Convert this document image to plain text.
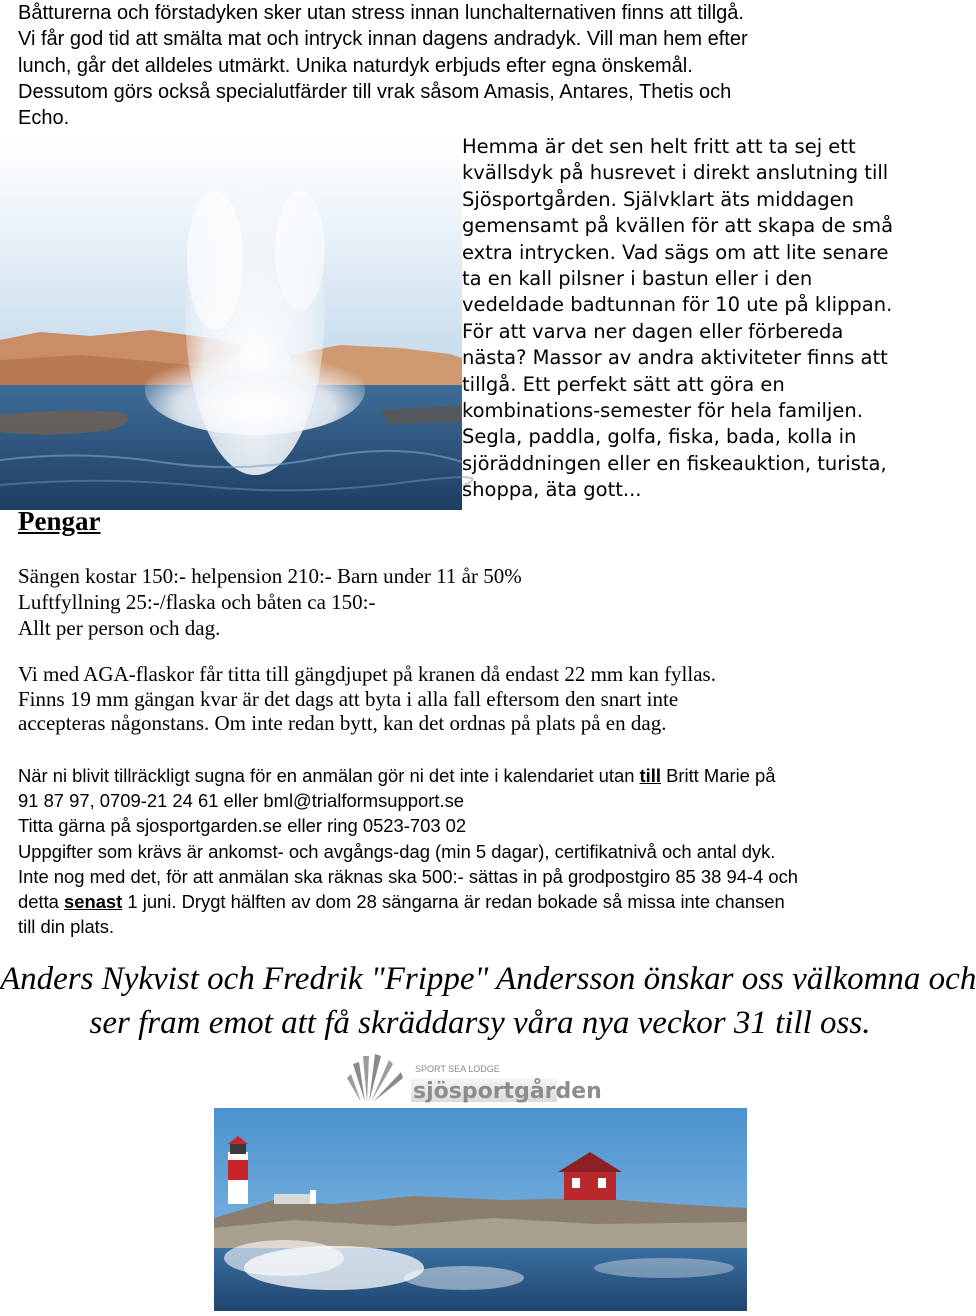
Båtturerna och förstadyken sker utan stress innan lunchalternativen finns att tillgå.
Vi får god tid att smälta mat och intryck innan dagens andradyk. Vill man hem efter
lunch, går det alldeles utmärkt. Unika naturdyk erbjuds efter egna önskemål.
Dessutom görs också specialutfärder till vrak såsom Amasis, Antares, Thetis och
Echo.
Hemma är det sen helt fritt att ta sej ett
kvällsdyk på husrevet i direkt anslutning till
Sjösportgården. Självklart äts middagen
gemensamt på kvällen för att skapa de små
extra intrycken. Vad sägs om att lite senare
ta en kall pilsner i bastun eller i den
vedeldade badtunnan för 10 ute på klippan.
För att varva ner dagen eller förbereda
nästa? Massor av andra aktiviteter finns att
tillgå. Ett perfekt sätt att göra en
kombinations-semester för hela familjen.
Segla, paddla, golfa, fiska, bada, kolla in
sjöräddningen eller en fiskeauktion, turista,
shoppa, äta gott...
Pengar
Sängen kostar 150:- helpension 210:- Barn under 11 år 50%
Luftfyllning 25:-/flaska och båten ca 150:-
Allt per person och dag.
Vi med AGA-flaskor får titta till gängdjupet på kranen då endast 22 mm kan fyllas.
Finns 19 mm gängan kvar är det dags att byta i alla fall eftersom den snart inte
accepteras någonstans. Om inte redan bytt, kan det ordnas på plats på en dag.
När ni blivit tillräckligt sugna för en anmälan gör ni det inte i kalendariet utan till Britt Marie på
91 87 97, 0709-21 24 61 eller bml@trialformsupport.se
Titta gärna på sjosportgarden.se eller ring 0523-703 02
Uppgifter som krävs är ankomst- och avgångs-dag (min 5 dagar), certifikatnivå och antal dyk.
Inte nog med det, för att anmälan ska räknas ska 500:- sättas in på grodpostgiro 85 38 94-4 och
detta senast 1 juni. Drygt hälften av dom 28 sängarna är redan bokade så missa inte chansen
till din plats.
Anders Nykvist och Fredrik "Frippe" Andersson önskar oss välkomna och
ser fram emot att få skräddarsy våra nya veckor 31 till oss.
SPORT SEA LODGE
sjösportgården
